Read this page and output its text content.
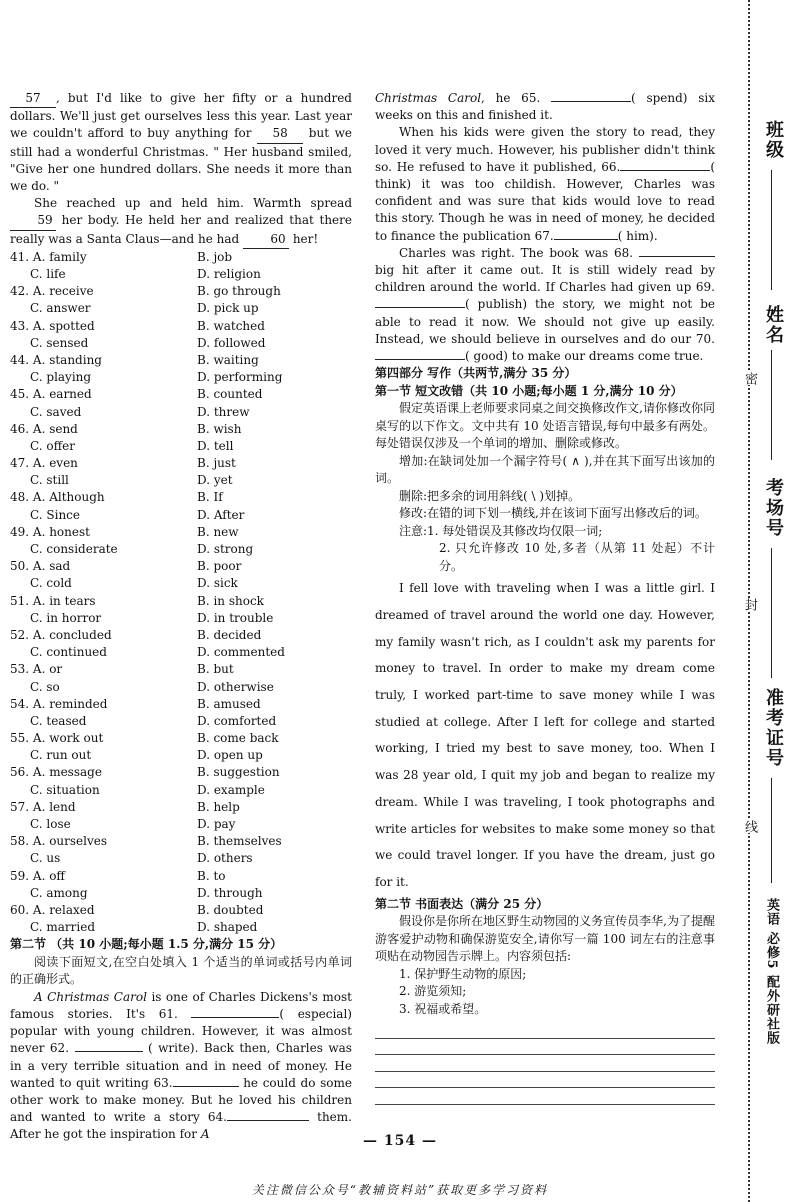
57 , but I'd like to give her fifty or a hundred dollars. We'll just get ourselves less this year. Last year we couldn't afford to buy anything for 58 but we still had a wonderful Christmas. " Her husband smiled, "Give her one hundred dollars. She needs it more than we do. "

She reached up and held him. Warmth spread 59 her body. He held her and realized that there really was a Santa Claus—and he had	60 her!

41. A. family	B. job
C. life	D. religion
42. A. receive	B. go through
C. answer	D. pick up
43. A. spotted	B. watched
C. sensed	D. followed
44. A. standing	B. waiting
C. playing	D. performing
45. A. earned	B. counted
C. saved	D. threw
46. A. send	B. wish
C. offer	D. tell
47. A. even	B. just
C. still	D. yet
48. A. Although	B. If
C. Since	D. After
49. A. honest	B. new
C. considerate	D. strong
50. A. sad	B. poor
C. cold	D. sick
51. A. in tears	B. in shock
C. in horror	D. in trouble
52. A. concluded	B. decided
C. continued	D. commented
53. A. or	B. but
C. so	D. otherwise
54. A. reminded	B. amused
C. teased	D. comforted
55. A. work out	B. come back
C. run out	D. open up
56. A. message	B. suggestion
C. situation	D. example
57. A. lend	B. help
C. lose	D. pay
58. A. ourselves	B. themselves
C. us	D. others
59. A. off	B. to
C. among	D. through
60. A. relaxed	B. doubted
C. married	D. shaped

第二节 （共 10 小题;每小题 1.5 分,满分 15 分）

阅读下面短文,在空白处填入 1 个适当的单词或括号内单词的正确形式。

A Christmas Carol is one of Charles Dickens's most famous stories. It's 61.	( especial) popular with young children. However, it was almost never 62.	( write). Back then, Charles was in a very terrible situation and in need of money. He wanted to quit writing 63.	he could do some other work to make money. But he loved his children and wanted to write a story 64.	them. After he got the inspiration for A

Christmas Carol, he 65.	( spend) six weeks on this and finished it.

When his kids were given the story to read, they loved it very much. However, his publisher didn't think so. He refused to have it published, 66.	( think) it was too childish. However, Charles was confident and was sure that kids would love to read this story. Though he was in need of money, he decided to finance the publication 67.	( him).

Charles was right. The book was 68.  big hit after it came out. It is still widely read by children around the world. If Charles had given up 69. ( publish) the story, we might not be able to read it now. We should not give up easily. Instead, we should believe in ourselves and do our 70. ( good) to make our dreams come true.

第四部分 写作（共两节,满分 35 分）

第一节 短文改错（共 10 小题;每小题 1 分,满分 10 分）

假定英语课上老师要求同桌之间交换修改作文,请你修改你同桌写的以下作文。文中共有 10 处语言错误,每句中最多有两处。每处错误仅涉及一个单词的增加、删除或修改。

增加:在缺词处加一个漏字符号( ∧ ),并在其下面写出该加的词。

删除:把多余的词用斜线( \ )划掉。

修改:在错的词下划一横线,并在该词下面写出修改后的词。

注意:1. 每处错误及其修改均仅限一词;

2. 只允许修改 10 处,多者（从第 11 处起）不计分。

I fell love with traveling when I was a little girl. I dreamed of travel around the world one day. However, my family wasn't rich, as I couldn't ask my parents for money to travel. In order to make my dream come truly, I worked part-time to save money while I was studied at college. After I left for college and started working, I tried my best to save money, too. When I was 28 year old, I quit my job and began to realize my dream. While I was traveling, I took photographs and write articles for websites to make some money so that we could travel longer. If you have the dream, just go for it.

第二节 书面表达（满分 25 分）

假设你是你所在地区野生动物园的义务宣传员李华,为了提醒游客爱护动物和确保游览安全,请你写一篇 100 词左右的注意事项贴在动物园告示牌上。内容须包括:

1. 保护野生动物的原因;

2. 游览须知;

3. 祝福或希望。

— 154 —
关注微信公众号“教辅资料站”获取更多学习资料
班级
姓名
密
考场号
封
准考证号
线
英语 必修5 配外研社版
